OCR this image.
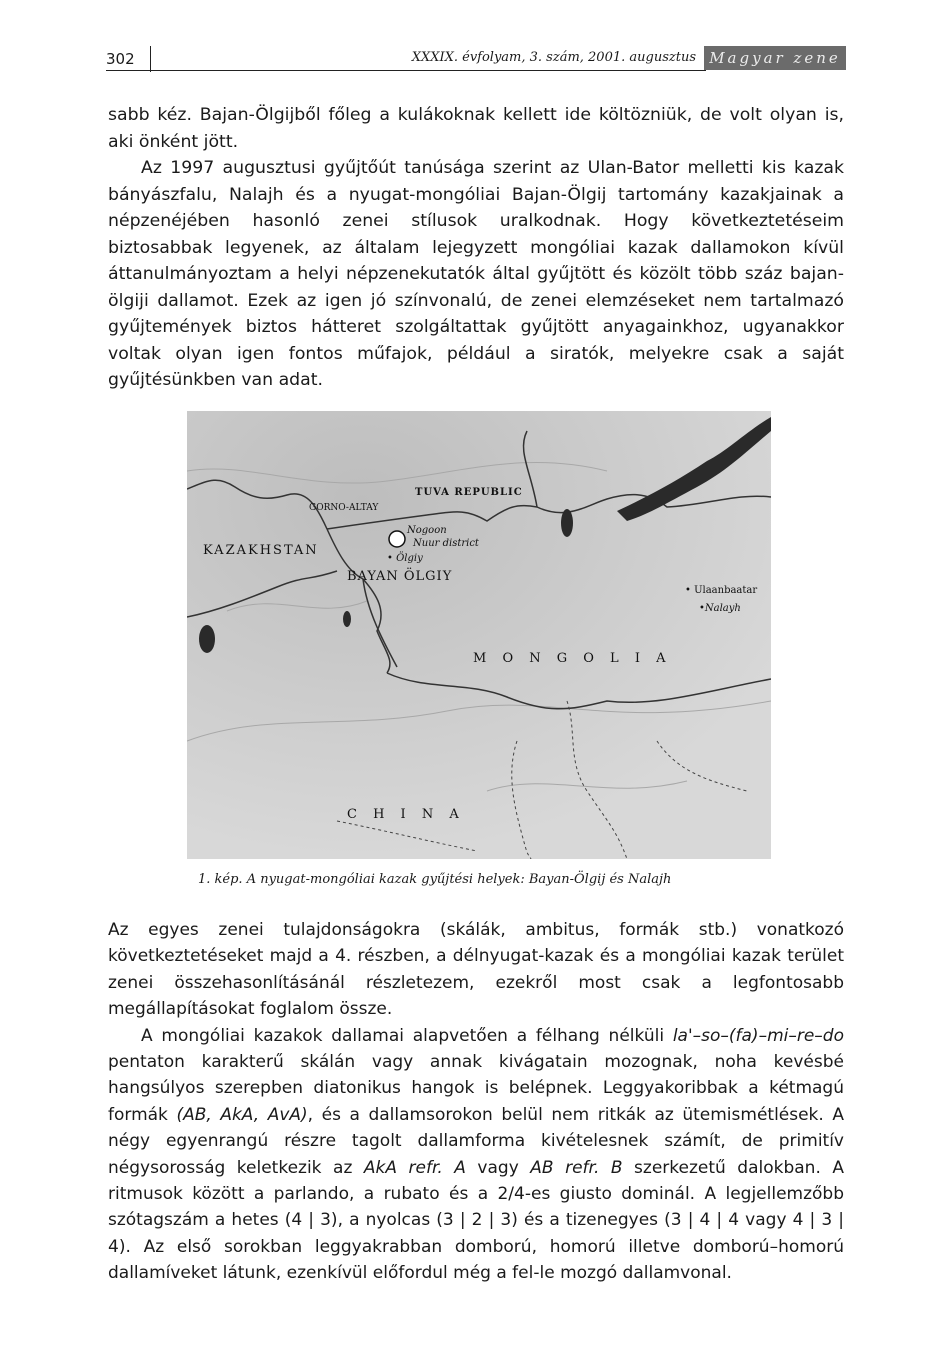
302	XXXIX. évfolyam, 3. szám, 2001. augusztus Magyar zene

sabb kéz. Bajan-Ölgijből főleg a kulákoknak kellett ide költözniük, de volt olyan is, aki önként jött.

Az 1997 augusztusi gyűjtőút tanúsága szerint az Ulan-Bator melletti kis kazak bányászfalu, Nalajh és a nyugat-mongóliai Bajan-Ölgij tartomány kazakjainak a népzenéjében hasonló zenei stílusok uralkodnak. Hogy következtetéseim biztosabbak legyenek, az általam lejegyzett mongóliai kazak dallamokon kívül áttanulmányoztam a helyi népzenekutatók által gyűjtött és közölt több száz bajan-ölgiji dallamot. Ezek az igen jó színvonalú, de zenei elemzéseket nem tartalmazó gyűjtemények biztos hátteret szolgáltattak gyűjtött anyagainkhoz, ugyanakkor voltak olyan igen fontos műfajok, például a siratók, melyekre csak a saját gyűjtésünkben van adat.

TUVA REPUBLIC
GORNO-ALTAY
KAZAKHSTAN
Nogoon
Nuur district
• Ölgiy
BAYAN ÖLGIY
• Ulaanbaatar
•Nalayh
M O N G O L I A
C H I N A
1. kép. A nyugat-mongóliai kazak gyűjtési helyek: Bayan-Ölgij és Nalajh

Az egyes zenei tulajdonságokra (skálák, ambitus, formák stb.) vonatkozó következtetéseket majd a 4. részben, a délnyugat-kazak és a mongóliai kazak terület zenei összehasonlításánál részletezem, ezekről most csak a legfontosabb megállapításokat foglalom össze.

A mongóliai kazakok dallamai alapvetően a félhang nélküli la'–so–(fa)–mi–re–do pentaton karakterű skálán vagy annak kivágatain mozognak, noha kevésbé hangsúlyos szerepben diatonikus hangok is belépnek. Leggyakoribbak a kétmagú formák (AB, AkA, AvA), és a dallamsorokon belül nem ritkák az ütemismétlések. A négy egyenrangú részre tagolt dallamforma kivételesnek számít, de primitív négysorosság keletkezik az AkA refr. A vagy AB refr. B szerkezetű dalokban. A ritmusok között a parlando, a rubato és a 2/4-es giusto dominál. A legjellemzőbb szótagszám a hetes (4 | 3), a nyolcas (3 | 2 | 3) és a tizenegyes (3 | 4 | 4 vagy 4 | 3 | 4). Az első sorokban leggyakrabban domború, homorú illetve domború–homorú dallamíveket látunk, ezenkívül előfordul még a fel-le mozgó dallamvonal.
